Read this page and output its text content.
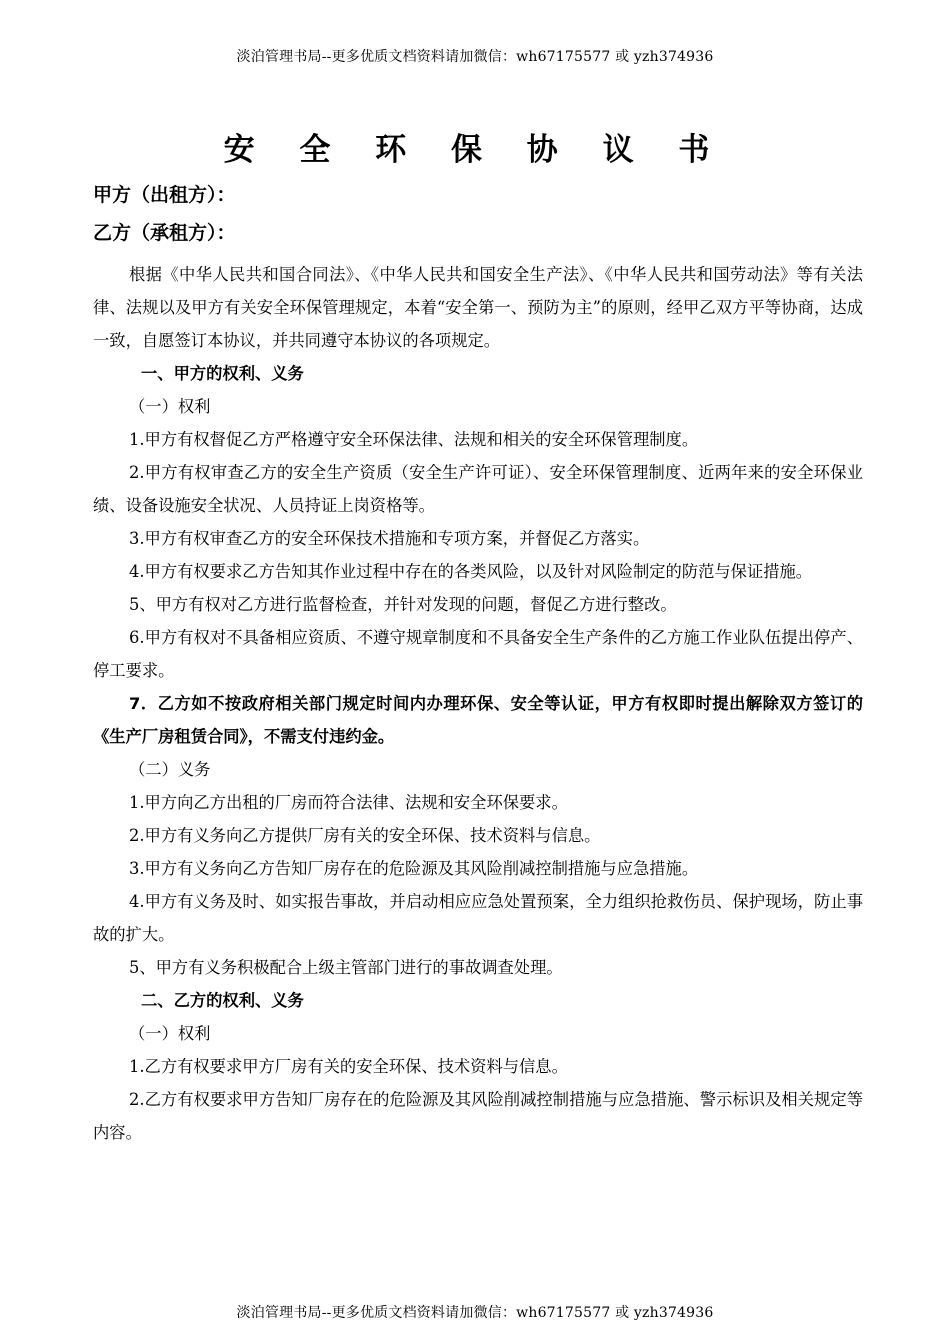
淡泊管理书局--更多优质文档资料请加微信：wh67175577 或 yzh374936
安 全 环 保 协 议 书
甲方（出租方）：
乙方（承租方）：

根据《中华人民共和国合同法》、《中华人民共和国安全生产法》、《中华人民共和国劳动法》等有关法律、法规以及甲方有关安全环保管理规定，本着“安全第一、预防为主”的原则，经甲乙双方平等协商，达成一致，自愿签订本协议，并共同遵守本协议的各项规定。

一、甲方的权利、义务

（一）权利

1.甲方有权督促乙方严格遵守安全环保法律、法规和相关的安全环保管理制度。

2.甲方有权审查乙方的安全生产资质（安全生产许可证）、安全环保管理制度、近两年来的安全环保业绩、设备设施安全状况、人员持证上岗资格等。

3.甲方有权审查乙方的安全环保技术措施和专项方案，并督促乙方落实。

4.甲方有权要求乙方告知其作业过程中存在的各类风险，以及针对风险制定的防范与保证措施。

5、甲方有权对乙方进行监督检查，并针对发现的问题，督促乙方进行整改。

6.甲方有权对不具备相应资质、不遵守规章制度和不具备安全生产条件的乙方施工作业队伍提出停产、停工要求。

7．乙方如不按政府相关部门规定时间内办理环保、安全等认证，甲方有权即时提出解除双方签订的《生产厂房租赁合同》，不需支付违约金。

（二）义务

1.甲方向乙方出租的厂房而符合法律、法规和安全环保要求。

2.甲方有义务向乙方提供厂房有关的安全环保、技术资料与信息。

3.甲方有义务向乙方告知厂房存在的危险源及其风险削减控制措施与应急措施。

4.甲方有义务及时、如实报告事故，并启动相应应急处置预案，全力组织抢救伤员、保护现场，防止事故的扩大。

5、甲方有义务积极配合上级主管部门进行的事故调查处理。

二、乙方的权利、义务

（一）权利

1.乙方有权要求甲方厂房有关的安全环保、技术资料与信息。

2.乙方有权要求甲方告知厂房存在的危险源及其风险削减控制措施与应急措施、警示标识及相关规定等内容。

淡泊管理书局--更多优质文档资料请加微信：wh67175577 或 yzh374936
